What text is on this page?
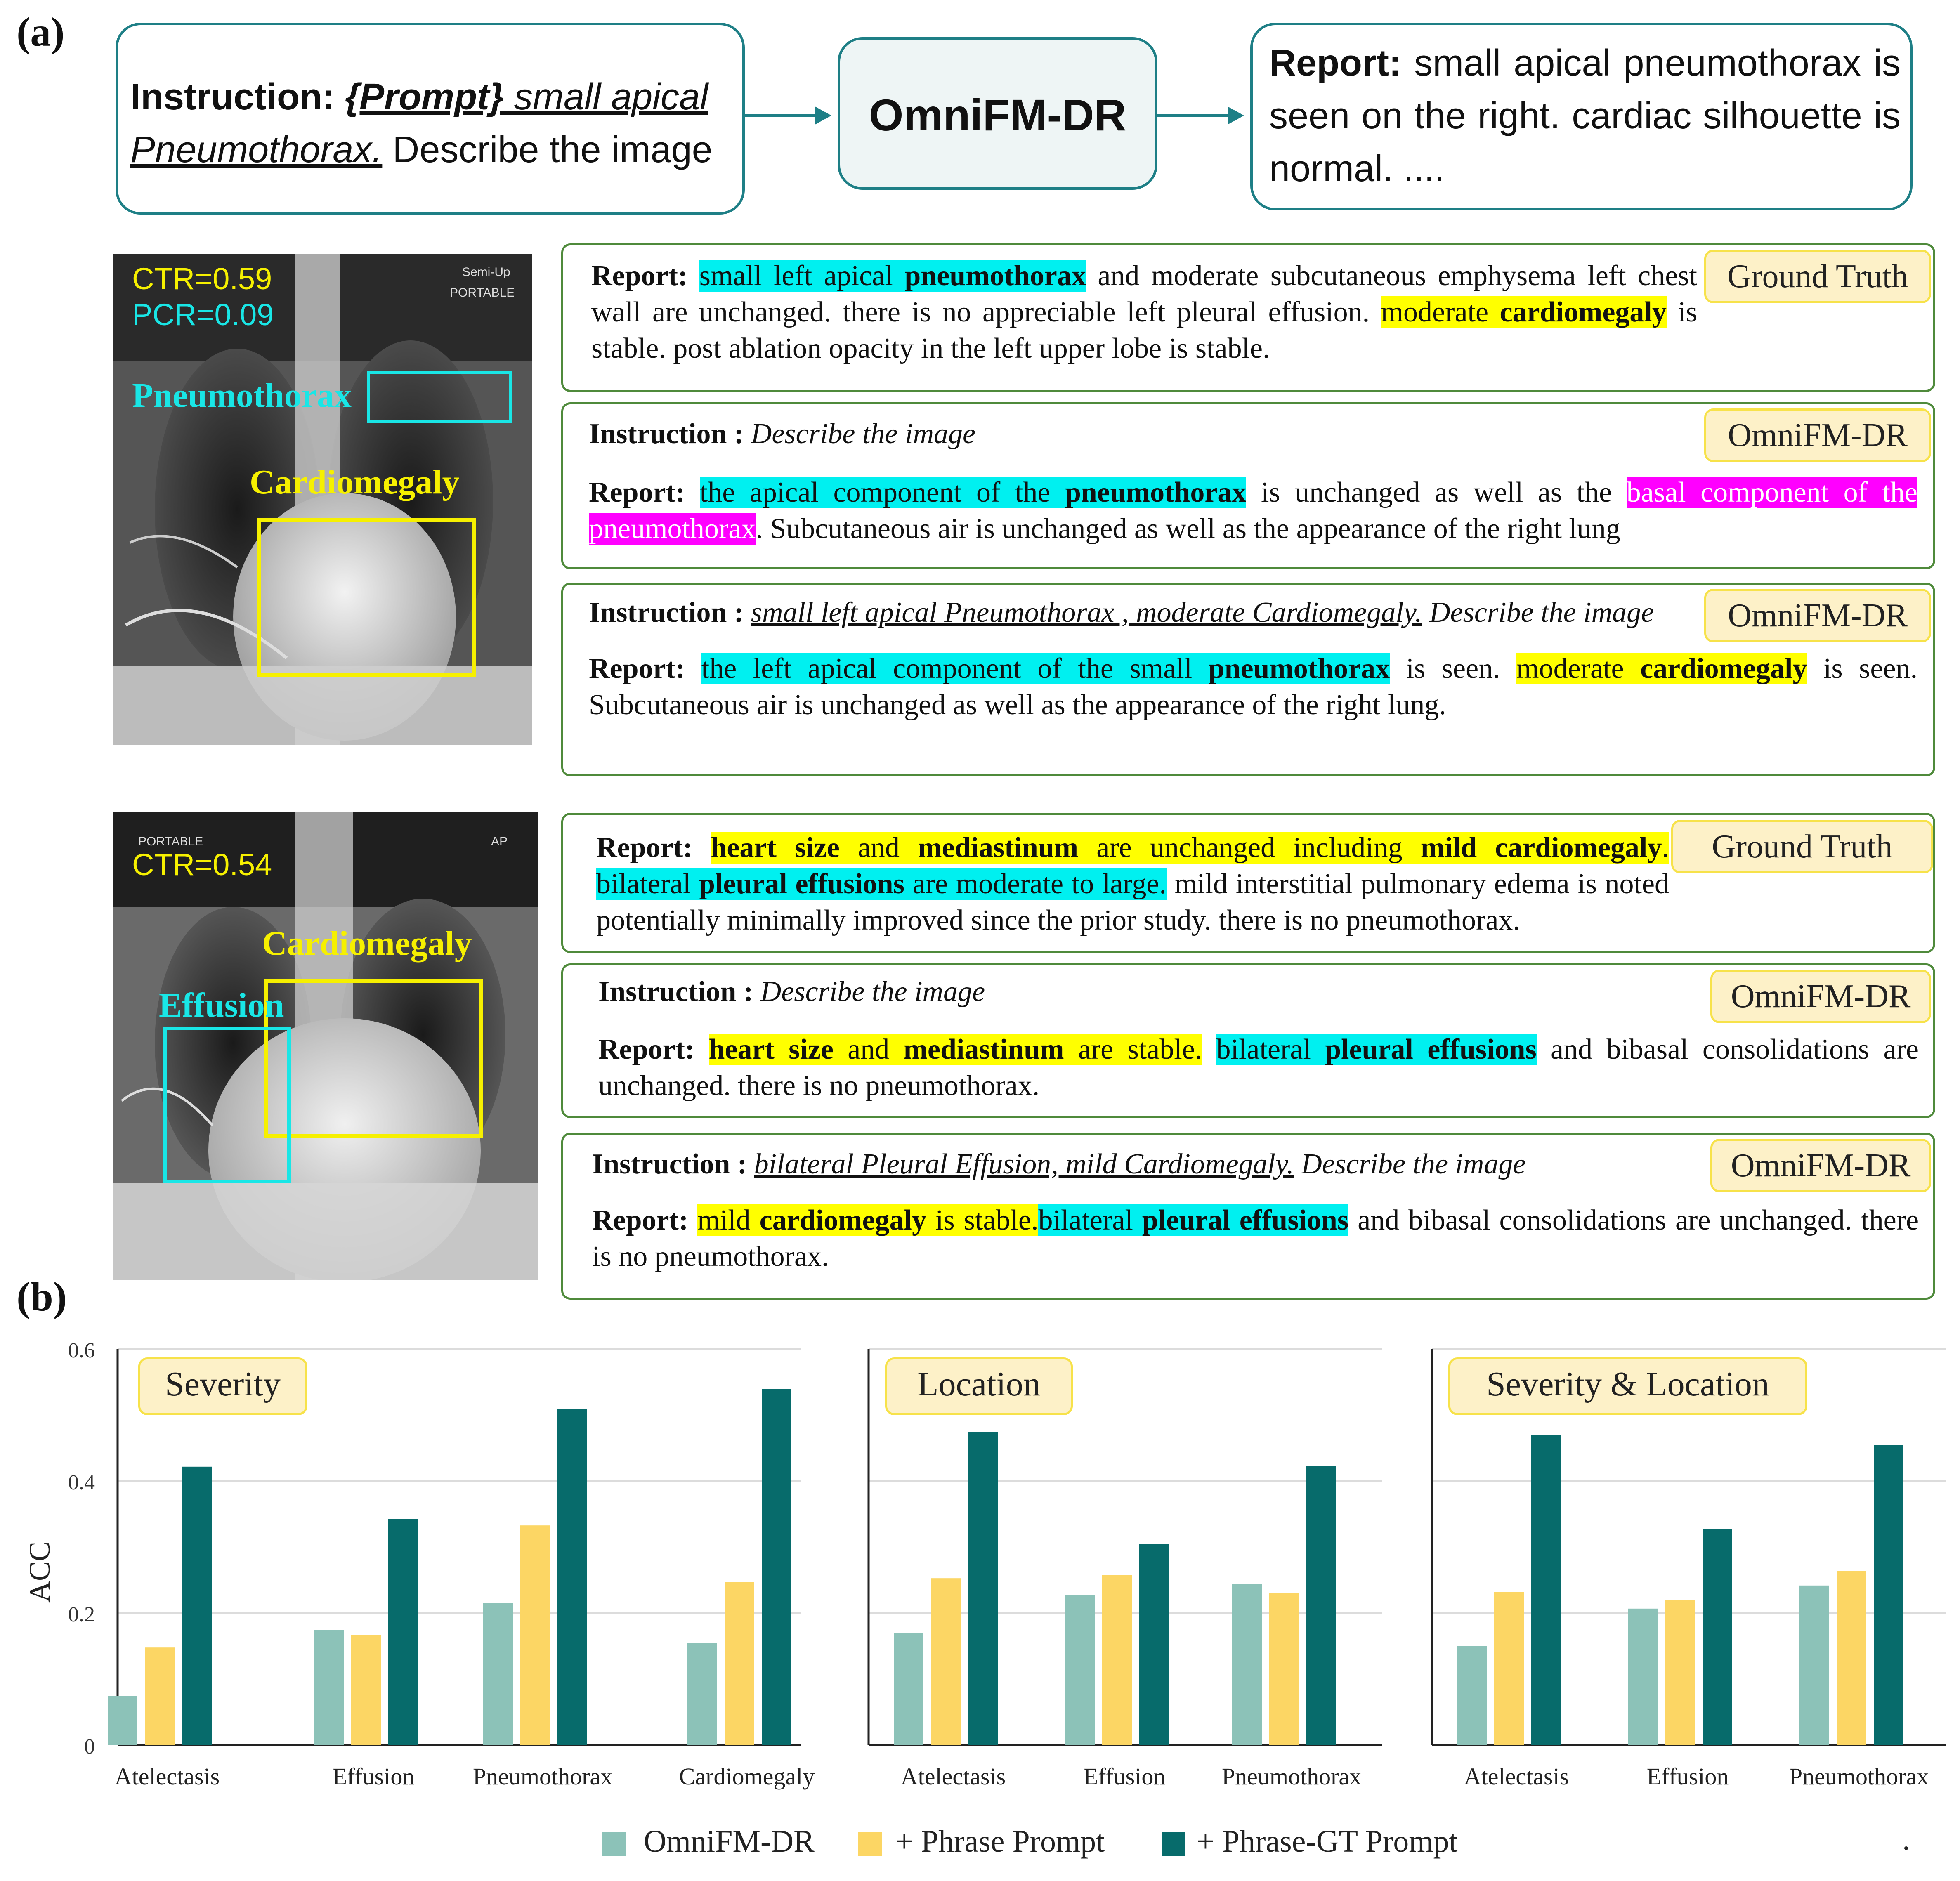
(a)
Instruction: {Prompt} small apical
Pneumothorax. Describe the image
OmniFM-DR
Report: small apical pneumothorax is seen on the right. cardiac silhouette is normal. ....
CTR=0.59
PCR=0.09
Semi-Up
PORTABLE
Pneumothorax
Cardiomegaly
Ground Truth
Report: small left apical pneumothorax and moderate subcutaneous emphysema left chest wall are unchanged. there is no appreciable left pleural effusion. moderate cardiomegaly is stable. post ablation opacity in the left upper lobe is stable.
OmniFM-DR
Instruction : Describe the image
Report: the apical component of the pneumothorax is unchanged as well as the basal component of the pneumothorax. Subcutaneous air is unchanged as well as the appearance of the right lung
OmniFM-DR
Instruction : small left apical Pneumothorax , moderate Cardiomegaly. Describe the image
Report: the left apical component of the small pneumothorax is seen. moderate cardiomegaly is seen. Subcutaneous air is unchanged as well as the appearance of the right lung.
PORTABLE	AP
CTR=0.54
Cardiomegaly
Effusion
Ground Truth
Report: heart size and mediastinum are unchanged including mild cardiomegaly. bilateral pleural effusions are moderate to large. mild interstitial pulmonary edema is noted potentially minimally improved since the prior study. there is no pneumothorax.
OmniFM-DR
Instruction : Describe the image
Report: heart size and mediastinum are stable. bilateral pleural effusions and bibasal consolidations are unchanged. there is no pneumothorax.
OmniFM-DR
Instruction : bilateral Pleural Effusion, mild Cardiomegaly. Describe the image
Report: mild cardiomegaly is stable.bilateral pleural effusions and bibasal consolidations are unchanged. there is no pneumothorax.
(b)
Atelectasis	Effusion Pneumothorax	Cardiomegaly	Atelectasis	Effusion Pneumothorax	Atelectasis	Effusion	Pneumothorax
0
0.2
0.4
0.6
ACC
Severity	Location	Severity & Location
OmniFM-DR	+ Phrase Prompt	+ Phrase-GT Prompt	.
